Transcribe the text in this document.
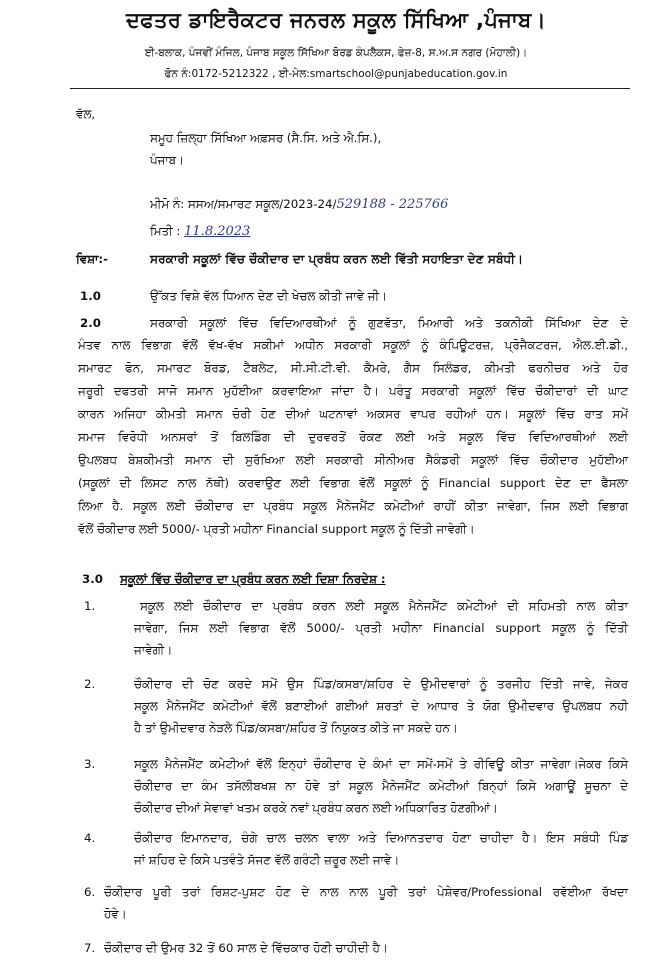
ਦਫਤਰ ਡਾਇਰੈਕਟਰ ਜਨਰਲ ਸਕੂਲ ਸਿੱਖਿਆ ,ਪੰਜਾਬ।
ਈ-ਬਲਾਕ, ਪੰਜਵੀਂ ਮੰਜਿਲ, ਪੰਜਾਬ ਸਕੂਲ ਸਿੱਖਿਆ ਬੋਰਡ ਕੰਪਲੈਕਸ, ਫੇਜ਼-8, ਸ.ਅ.ਸ ਨਗਰ (ਮੋਹਾਲੀ)।
ਫੋਨ ਨੰ:0172-5212322 , ਈ-ਮੇਲ:smartschool@punjabeducation.gov.in
ਵੱਲ,
ਸਮੂਹ ਜ਼ਿਲ੍ਹਾ ਸਿੱਖਿਆ ਅਫ਼ਸਰ (ਸੈ.ਸਿ. ਅਤੇ ਐ.ਸਿ.),
ਪੰਜਾਬ।
ਮੀਮੋ ਨੰ: ਸਸਅ/ਸਮਾਰਟ ਸਕੂਲ/2023-24/529188 - 225766
ਮਿਤੀ : 11.8.2023
ਵਿਸ਼ਾ:-	ਸਰਕਾਰੀ ਸਕੂਲਾਂ ਵਿੱਚ ਚੌਕੀਦਾਰ ਦਾ ਪ੍ਰਬੰਧ ਕਰਨ ਲਈ ਵਿੱਤੀ ਸਹਾਇਤਾ ਦੇਣ ਸਬੰਧੀ।
1.0	ਉੱਕਤ ਵਿਸ਼ੇ ਵੱਲ ਧਿਆਨ ਦੇਣ ਦੀ ਖੇਚਲ ਕੀਤੀ ਜਾਵੇ ਜੀ।
2.0	ਸਰਕਾਰੀ ਸਕੂਲਾਂ ਵਿੱਚ ਵਿਦਿਆਰਥੀਆਂ ਨੂੰ ਗੁਣਵੱਤਾ, ਮਿਆਰੀ ਅਤੇ ਤਕਨੀਕੀ ਸਿੱਖਿਆ ਦੇਣ ਦੇ
ਮੰਤਵ ਨਾਲ ਵਿਭਾਗ ਵੱਲੋਂ ਵੱਖ-ਵੱਖ ਸਕੀਮਾਂ ਅਧੀਨ ਸਰਕਾਰੀ ਸਕੂਲਾਂ ਨੂੰ ਕੰਪਿਊਟਰਜ਼, ਪ੍ਰੋਜੈਕਟਰਜ, ਐਲ.ਈ.ਡੀ.,
ਸਮਾਰਟ ਫੋਨ, ਸਮਾਰਟ ਬੋਰਡ, ਟੈਬਲੇਟ, ਸੀ.ਸੀ.ਟੀ.ਵੀ. ਕੈਮਰੇ, ਗੈਸ ਸਿਲੰਡਰ, ਕੀਮਤੀ ਫਰਨੀਚਰ ਅਤੇ ਹੋਰ
ਜਰੂਰੀ ਦਫਤਰੀ ਸਾਜੋ ਸਮਾਨ ਮੁਹੱਈਆ ਕਰਵਾਇਆ ਜਾਂਦਾ ਹੈ। ਪਰੰਤੂ ਸਰਕਾਰੀ ਸਕੂਲਾਂ ਵਿੱਚ ਚੌਕੀਦਾਰਾਂ ਦੀ ਘਾਟ
ਕਾਰਨ ਅਜਿਹਾ ਕੀਮਤੀ ਸਮਾਨ ਚੋਰੀ ਹੋਣ ਦੀਆਂ ਘਟਨਾਵਾਂ ਅਕਸਰ ਵਾਪਰ ਰਹੀਆਂ ਹਨ। ਸਕੂਲਾਂ ਵਿੱਚ ਰਾਤ ਸਮੇਂ
ਸਮਾਜ ਵਿਰੋਧੀ ਅਨਸਰਾਂ ਤੋਂ ਬਿਲਡਿੰਗ ਦੀ ਦੁਰਵਰਤੋਂ ਰੋਕਣ ਲਈ ਅਤੇ ਸਕੂਲ ਵਿੱਚ ਵਿਦਿਆਰਥੀਆਂ ਲਈ
ਉਪਲਬਧ ਬੇਸ਼ਕੀਮਤੀ ਸਮਾਨ ਦੀ ਸੁਰੱਖਿਆ ਲਈ ਸਰਕਾਰੀ ਸੀਨੀਅਰ ਸੈਕੰਡਰੀ ਸਕੂਲਾਂ ਵਿੱਚ ਚੌਕੀਦਾਰ ਮੁਹੱਈਆ
(ਸਕੂਲਾਂ ਦੀ ਲਿਸਟ ਨਾਲ ਨੱਥੀ) ਕਰਵਾਉਣ ਲਈ ਵਿਭਾਗ ਵੱਲੋਂ ਸਕੂਲਾਂ ਨੂੰ Financial support ਦੇਣ ਦਾ ਫੈਸਲਾ
ਲਿਆ ਹੈ. ਸਕੂਲ ਲਈ ਚੌਕੀਦਾਰ ਦਾ ਪ੍ਰਬੰਧ ਸਕੂਲ ਮੈਨੇਜਮੈਂਟ ਕਮੇਟੀਆਂ ਰਾਹੀਂ ਕੀਤਾ ਜਾਵੇਗਾ, ਜਿਸ ਲਈ ਵਿਭਾਗ
ਵੱਲੋਂ ਚੌਕੀਦਾਰ ਲਈ 5000/- ਪ੍ਰਤੀ ਮਹੀਨਾ Financial support ਸਕੂਲ ਨੂੰ ਦਿੱਤੀ ਜਾਵੇਗੀ।
3.0 ਸਕੂਲਾਂ ਵਿੱਚ ਚੌਕੀਦਾਰ ਦਾ ਪ੍ਰਬੰਧ ਕਰਨ ਲਈ ਦਿਸ਼ਾ ਨਿਰਦੇਸ਼ :
1.	ਸਕੂਲ ਲਈ ਚੌਕੀਦਾਰ ਦਾ ਪ੍ਰਬੰਧ ਕਰਨ ਲਈ ਸਕੂਲ ਮੈਨੇਜਮੈਂਟ ਕਮੇਟੀਆਂ ਦੀ ਸਹਿਮਤੀ ਨਾਲ ਕੀਤਾ
ਜਾਵੇਗਾ, ਜਿਸ ਲਈ ਵਿਭਾਗ ਵੱਲੋਂ 5000/- ਪ੍ਰਤੀ ਮਹੀਨਾ Financial support ਸਕੂਲ ਨੂੰ ਦਿੱਤੀ
ਜਾਵੇਗੀ।
2.	ਚੌਕੀਦਾਰ ਦੀ ਚੋਣ ਕਰਦੇ ਸਮੇਂ ਉਸ ਪਿੰਡ/ਕਸਬਾ/ਸ਼ਹਿਰ ਦੇ ਉਮੀਦਵਾਰਾਂ ਨੂੰ ਤਰਜੀਹ ਦਿੱਤੀ ਜਾਵੇ, ਜੇਕਰ
ਸਕੂਲ ਮੈਨੇਜਮੈਂਟ ਕਮੇਟੀਆਂ ਵੱਲੋਂ ਬਣਾਈਆਂ ਗਈਆਂ ਸ਼ਰਤਾਂ ਦੇ ਆਧਾਰ ਤੇ ਯੋਗ ਉਮੀਦਵਾਰ ਉਪਲਬਧ ਨਹੀ
ਹੈ ਤਾਂ ਉਮੀਦਵਾਰ ਨੇੜਲੇ ਪਿੰਡ/ਕਸਬਾ/ਸ਼ਹਿਰ ਤੋਂ ਨਿਯੁਕਤ ਕੀਤੇ ਜਾ ਸਕਦੇ ਹਨ।
3.	ਸਕੂਲ ਮੈਨੇਜਮੈਂਟ ਕਮੇਟੀਆਂ ਵੱਲੋਂ ਇਨ੍ਹਾਂ ਚੌਕੀਦਾਰ ਦੇ ਕੰਮਾਂ ਦਾ ਸਮੇਂ-ਸਮੇਂ ਤੇ ਰੀਵਿਊ ਕੀਤਾ ਜਾਵੇਗਾ।ਜੇਕਰ ਕਿਸੇ
ਚੌਕੀਦਾਰ ਦਾ ਕੰਮ ਤਸੱਲੀਬਖਸ਼ ਨਾ ਹੋਵੇ ਤਾਂ ਸਕੂਲ ਮੈਨੇਜਮੈਂਟ ਕਮੇਟੀਆਂ ਬਿਨ੍ਹਾਂ ਕਿਸੇ ਅਗਾਊਂ ਸੂਚਨਾ ਦੇ
ਚੌਕੀਦਾਰ ਦੀਆਂ ਸੇਵਾਵਾਂ ਖਤਮ ਕਰਕੇ ਨਵਾਂ ਪ੍ਰਬੰਧ ਕਰਨ ਲਈ ਅਧਿਕਾਰਿਤ ਹੋਣਗੀਆਂ।
4.	ਚੌਕੀਦਾਰ ਇਮਾਨਦਾਰ, ਚੰਗੇ ਚਾਲ ਚਲਨ ਵਾਲਾ ਅਤੇ ਦਿਆਨਤਦਾਰ ਹੋਣਾ ਚਾਹੀਦਾ ਹੈ। ਇਸ ਸਬੰਧੀ ਪਿੰਡ
ਜਾਂ ਸ਼ਹਿਰ ਦੇ ਕਿਸੇ ਪਤਵੰਤੇ ਸੱਜਣ ਵੱਲੋਂ ਗਰੰਟੀ ਜ਼ਰੂਰ ਲਈ ਜਾਵੇ।
6. ਚੌਕੀਦਾਰ ਪੂਰੀ ਤਰਾਂ ਰਿਸ਼ਟ-ਪੁਸ਼ਟ ਹੋਣ ਦੇ ਨਾਲ ਨਾਲ ਪੂਰੀ ਤਰਾਂ ਪੇਸ਼ੇਵਰ/Professional ਰਵੱਈਆ ਰੱਖਦਾ
ਹੋਵੇ।
7. ਚੌਕੀਦਾਰ ਦੀ ਉਮਰ 32 ਤੋਂ 60 ਸਾਲ ਦੇ ਵਿੱਚਕਾਰ ਹੋਣੀ ਚਾਹੀਦੀ ਹੈ।
